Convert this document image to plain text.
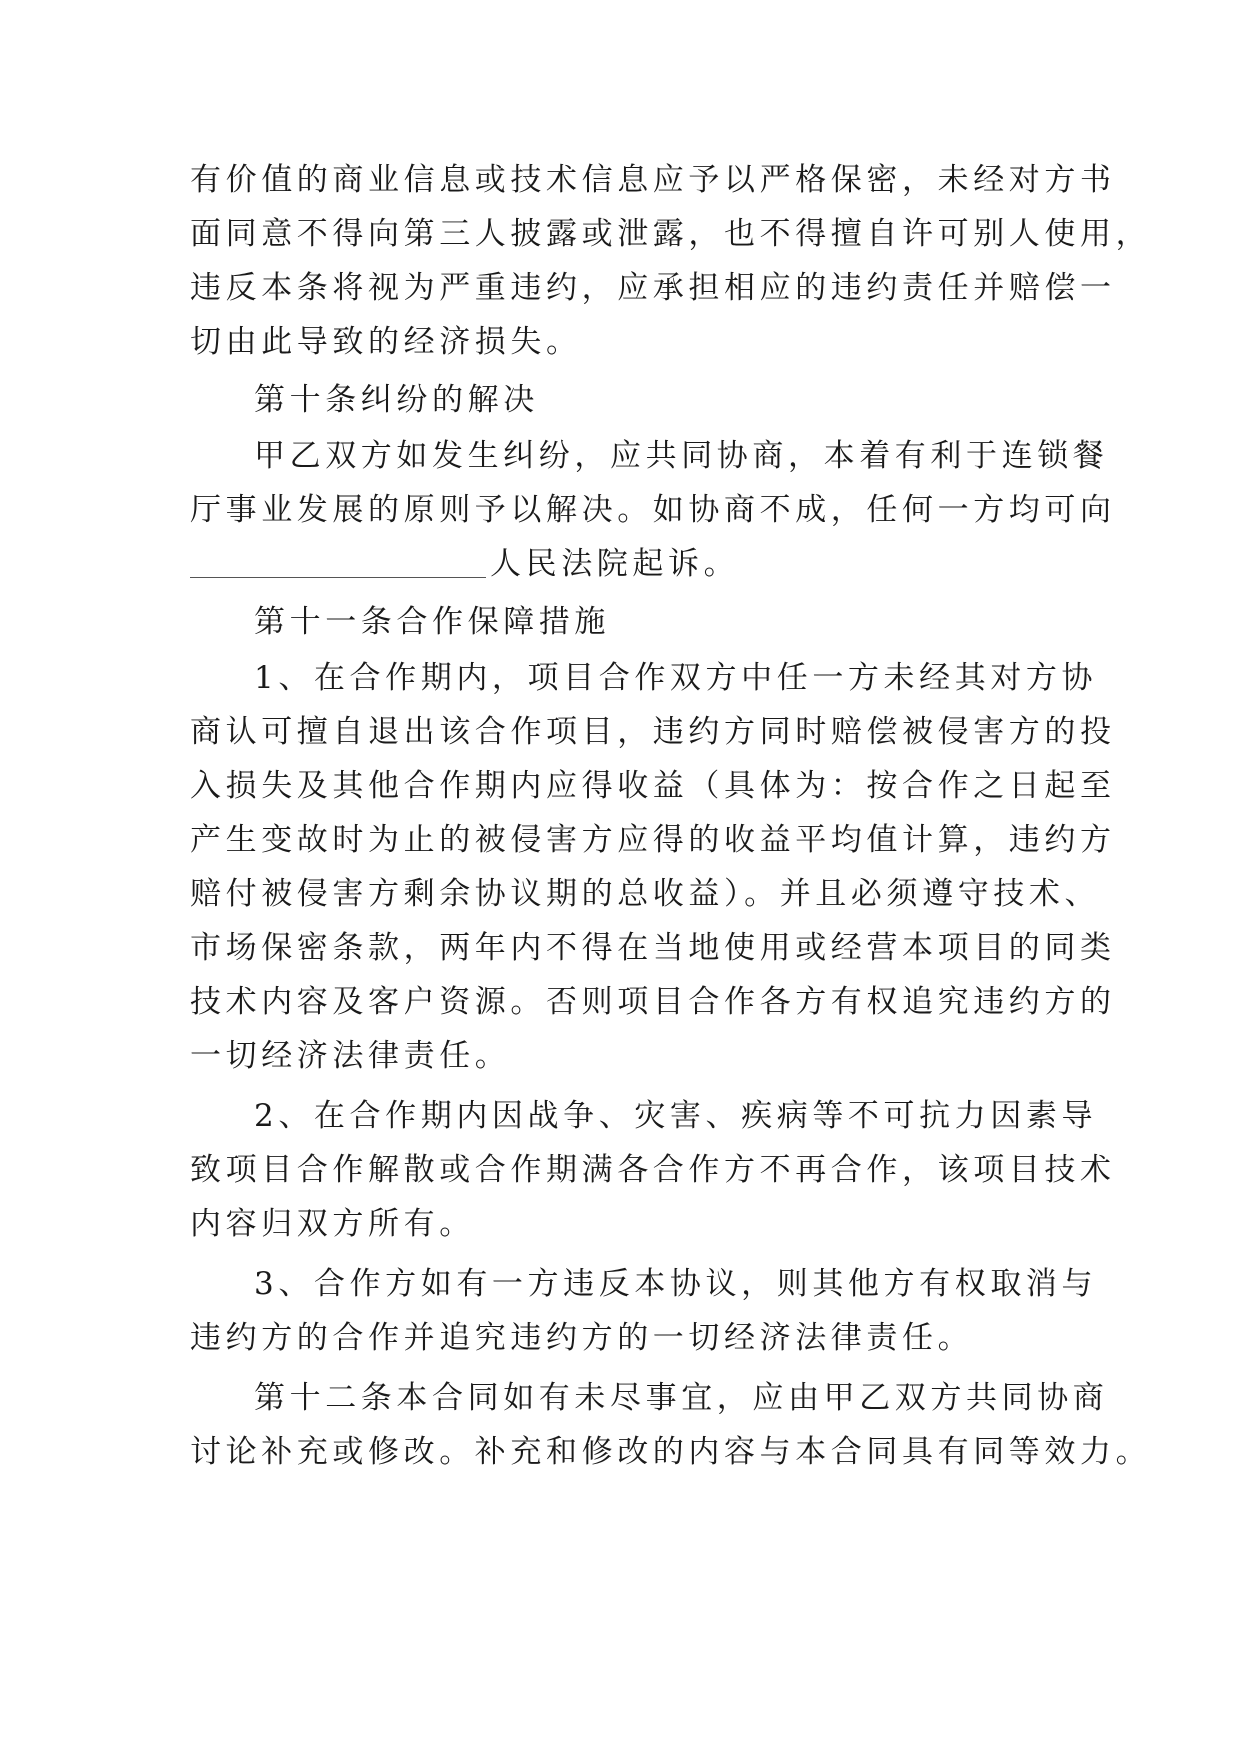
有价值的商业信息或技术信息应予以严格保密，未经对方书
面同意不得向第三人披露或泄露，也不得擅自许可别人使用，
违反本条将视为严重违约，应承担相应的违约责任并赔偿一
切由此导致的经济损失。
第十条纠纷的解决
甲乙双方如发生纠纷，应共同协商，本着有利于连锁餐
厅事业发展的原则予以解决。如协商不成，任何一方均可向
人民法院起诉。
第十一条合作保障措施
1、在合作期内，项目合作双方中任一方未经其对方协
商认可擅自退出该合作项目，违约方同时赔偿被侵害方的投
入损失及其他合作期内应得收益（具体为：按合作之日起至
产生变故时为止的被侵害方应得的收益平均值计算，违约方
赔付被侵害方剩余协议期的总收益）。并且必须遵守技术、
市场保密条款，两年内不得在当地使用或经营本项目的同类
技术内容及客户资源。否则项目合作各方有权追究违约方的
一切经济法律责任。
2、在合作期内因战争、灾害、疾病等不可抗力因素导
致项目合作解散或合作期满各合作方不再合作，该项目技术
内容归双方所有。
3、合作方如有一方违反本协议，则其他方有权取消与
违约方的合作并追究违约方的一切经济法律责任。
第十二条本合同如有未尽事宜，应由甲乙双方共同协商
讨论补充或修改。补充和修改的内容与本合同具有同等效力。
